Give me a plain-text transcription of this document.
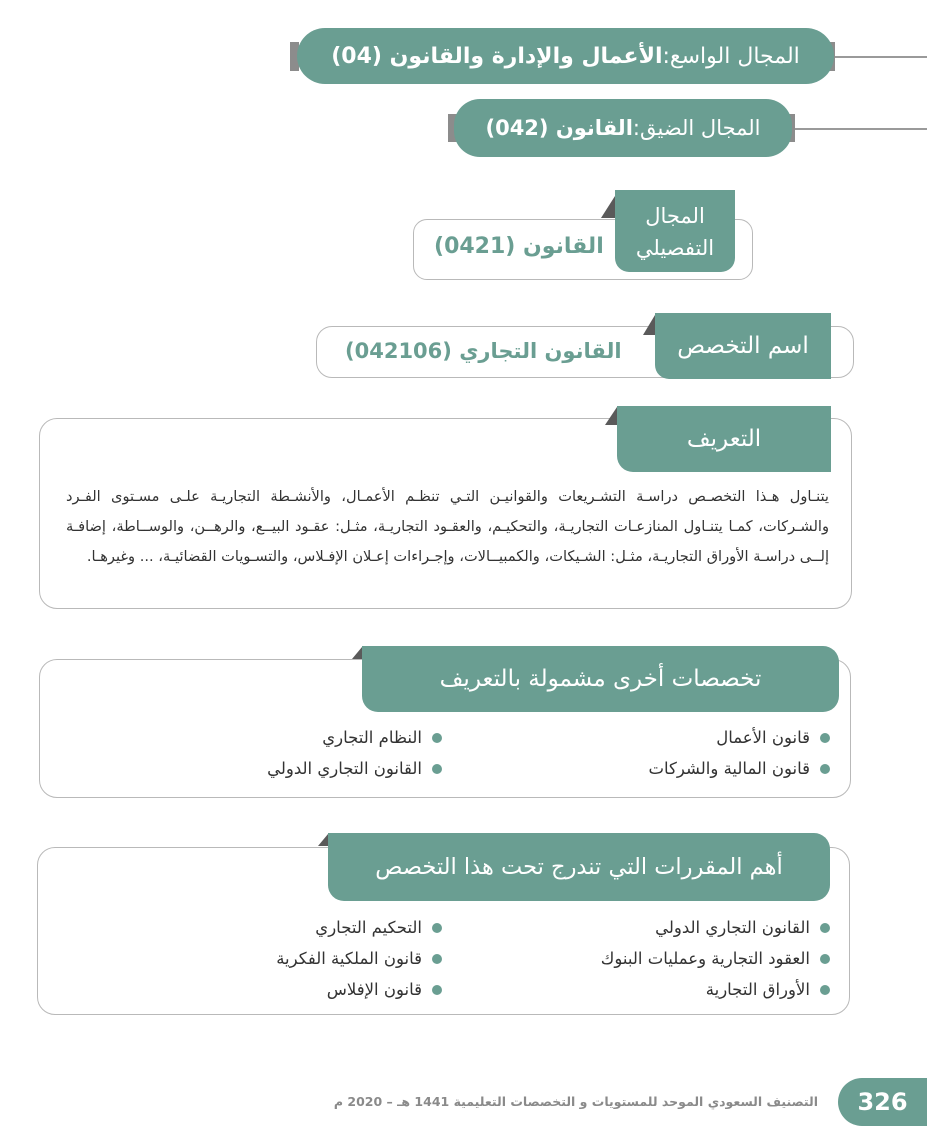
المجال الواسع:
الأعمال والإدارة والقانون (04)
المجال الضيق:
القانون (042)
القانون (0421)
المجال
التفصيلي
القانون التجاري (042106)	اسم التخصص
التعريف
يتنـاول هـذا التخصـص دراسـة التشـريعات والقوانيـن التـي تنظـم الأعمـال، والأنشـطة التجاريـة علـى مسـتوى الفـرد والشـركات، كمـا يتنـاول المنازعـات التجاريـة، والتحكيـم، والعقـود التجاريـة، مثـل: عقـود البيــع، والرهــن، والوســاطة، إضافـة إلــى دراسـة الأوراق التجاريـة، مثـل: الشـيكات، والكمبيــالات، وإجـراءات إعـلان الإفـلاس، والتسـويات القضائيـة، ... وغيرهـا.
تخصصات أخرى مشمولة بالتعريف
قانون الأعمال
قانون المالية والشركات
النظام التجاري
القانون التجاري الدولي
أهم المقررات التي تندرج تحت هذا التخصص
القانون التجاري الدولي
العقود التجارية وعمليات البنوك
الأوراق التجارية
التحكيم التجاري
قانون الملكية الفكرية
قانون الإفلاس
التصنيف السعودي الموحد للمستويات و التخصصات التعليمية 1441 هـ – 2020 م	326
